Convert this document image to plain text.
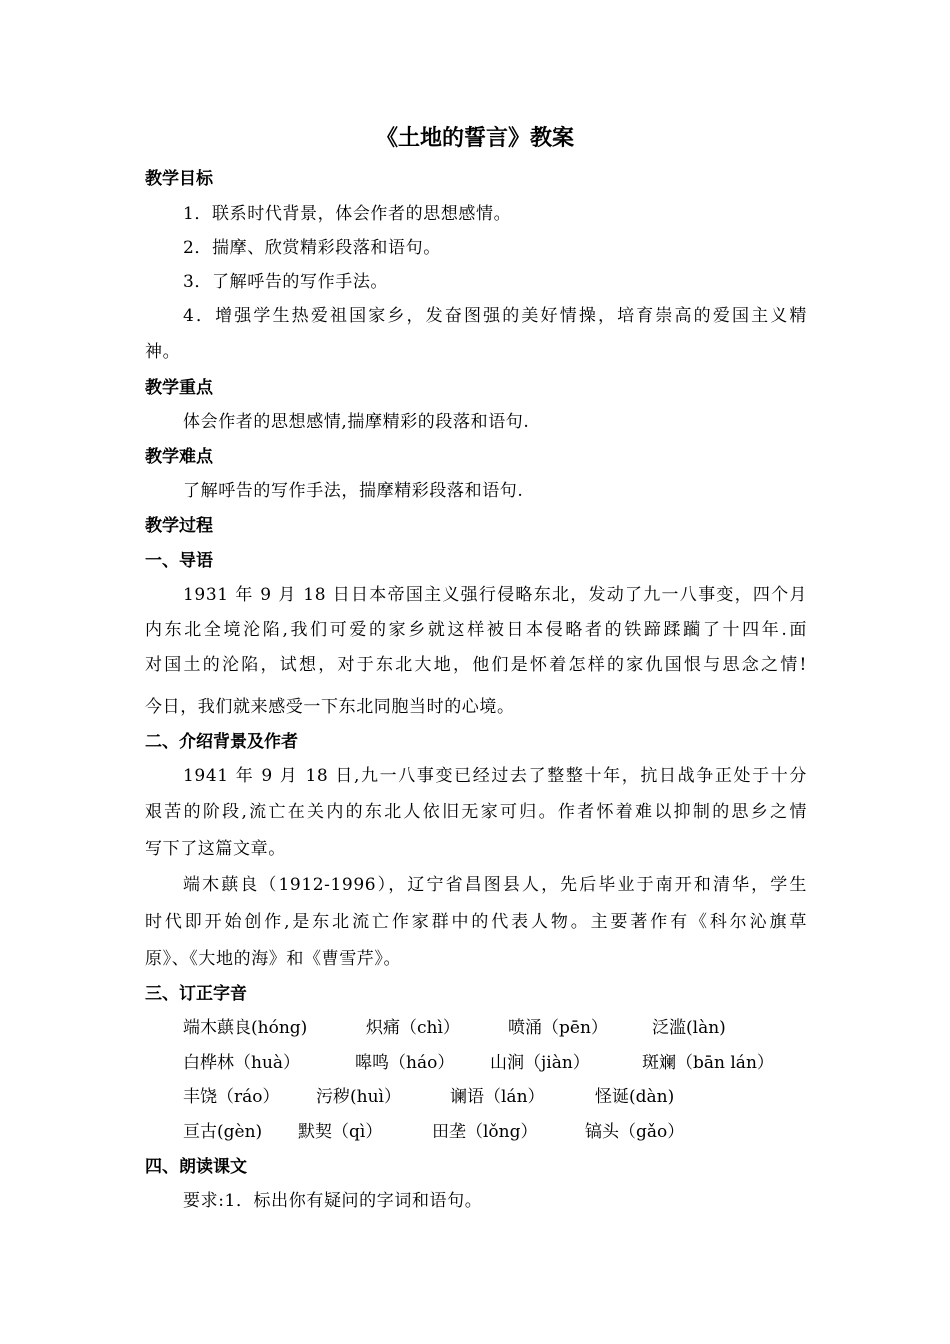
《土地的誓言》教案
教学目标
1．联系时代背景，体会作者的思想感情。
2．揣摩、欣赏精彩段落和语句。
3．了解呼告的写作手法。
4．增强学生热爱祖国家乡，发奋图强的美好情操，培育崇高的爱国主义精
神。
教学重点
体会作者的思想感情,揣摩精彩的段落和语句.
教学难点
了解呼告的写作手法，揣摩精彩段落和语句.
教学过程
一、导语
1931 年 9 月 18 日日本帝国主义强行侵略东北，发动了九一八事变，四个月
内东北全境沦陷,我们可爱的家乡就这样被日本侵略者的铁蹄蹂躏了十四年.面
对国土的沦陷，试想，对于东北大地，他们是怀着怎样的家仇国恨与思念之情!
今日，我们就来感受一下东北同胞当时的心境。
二、介绍背景及作者
1941 年 9 月 18 日,九一八事变已经过去了整整十年，抗日战争正处于十分
艰苦的阶段,流亡在关内的东北人依旧无家可归。作者怀着难以抑制的思乡之情
写下了这篇文章。
端木蕻良（1912-1996），辽宁省昌图县人，先后毕业于南开和清华，学生
时代即开始创作,是东北流亡作家群中的代表人物。主要著作有《科尔沁旗草
原》、《大地的海》和《曹雪芹》。
三、订正字音
端木蕻良(hóng)	炽痛（chì）	喷涌（pēn）	泛滥(làn)
白桦林（huà）	嗥鸣（háo） 山涧（jiàn）	斑斓（bān lán）
丰饶（ráo） 污秽(huì）	谰语（lán）	怪诞(dàn)
亘古(gèn) 默契（qì）	田垄（lǒng）	镐头（gǎo）
四、朗读课文
要求:1．标出你有疑问的字词和语句。
